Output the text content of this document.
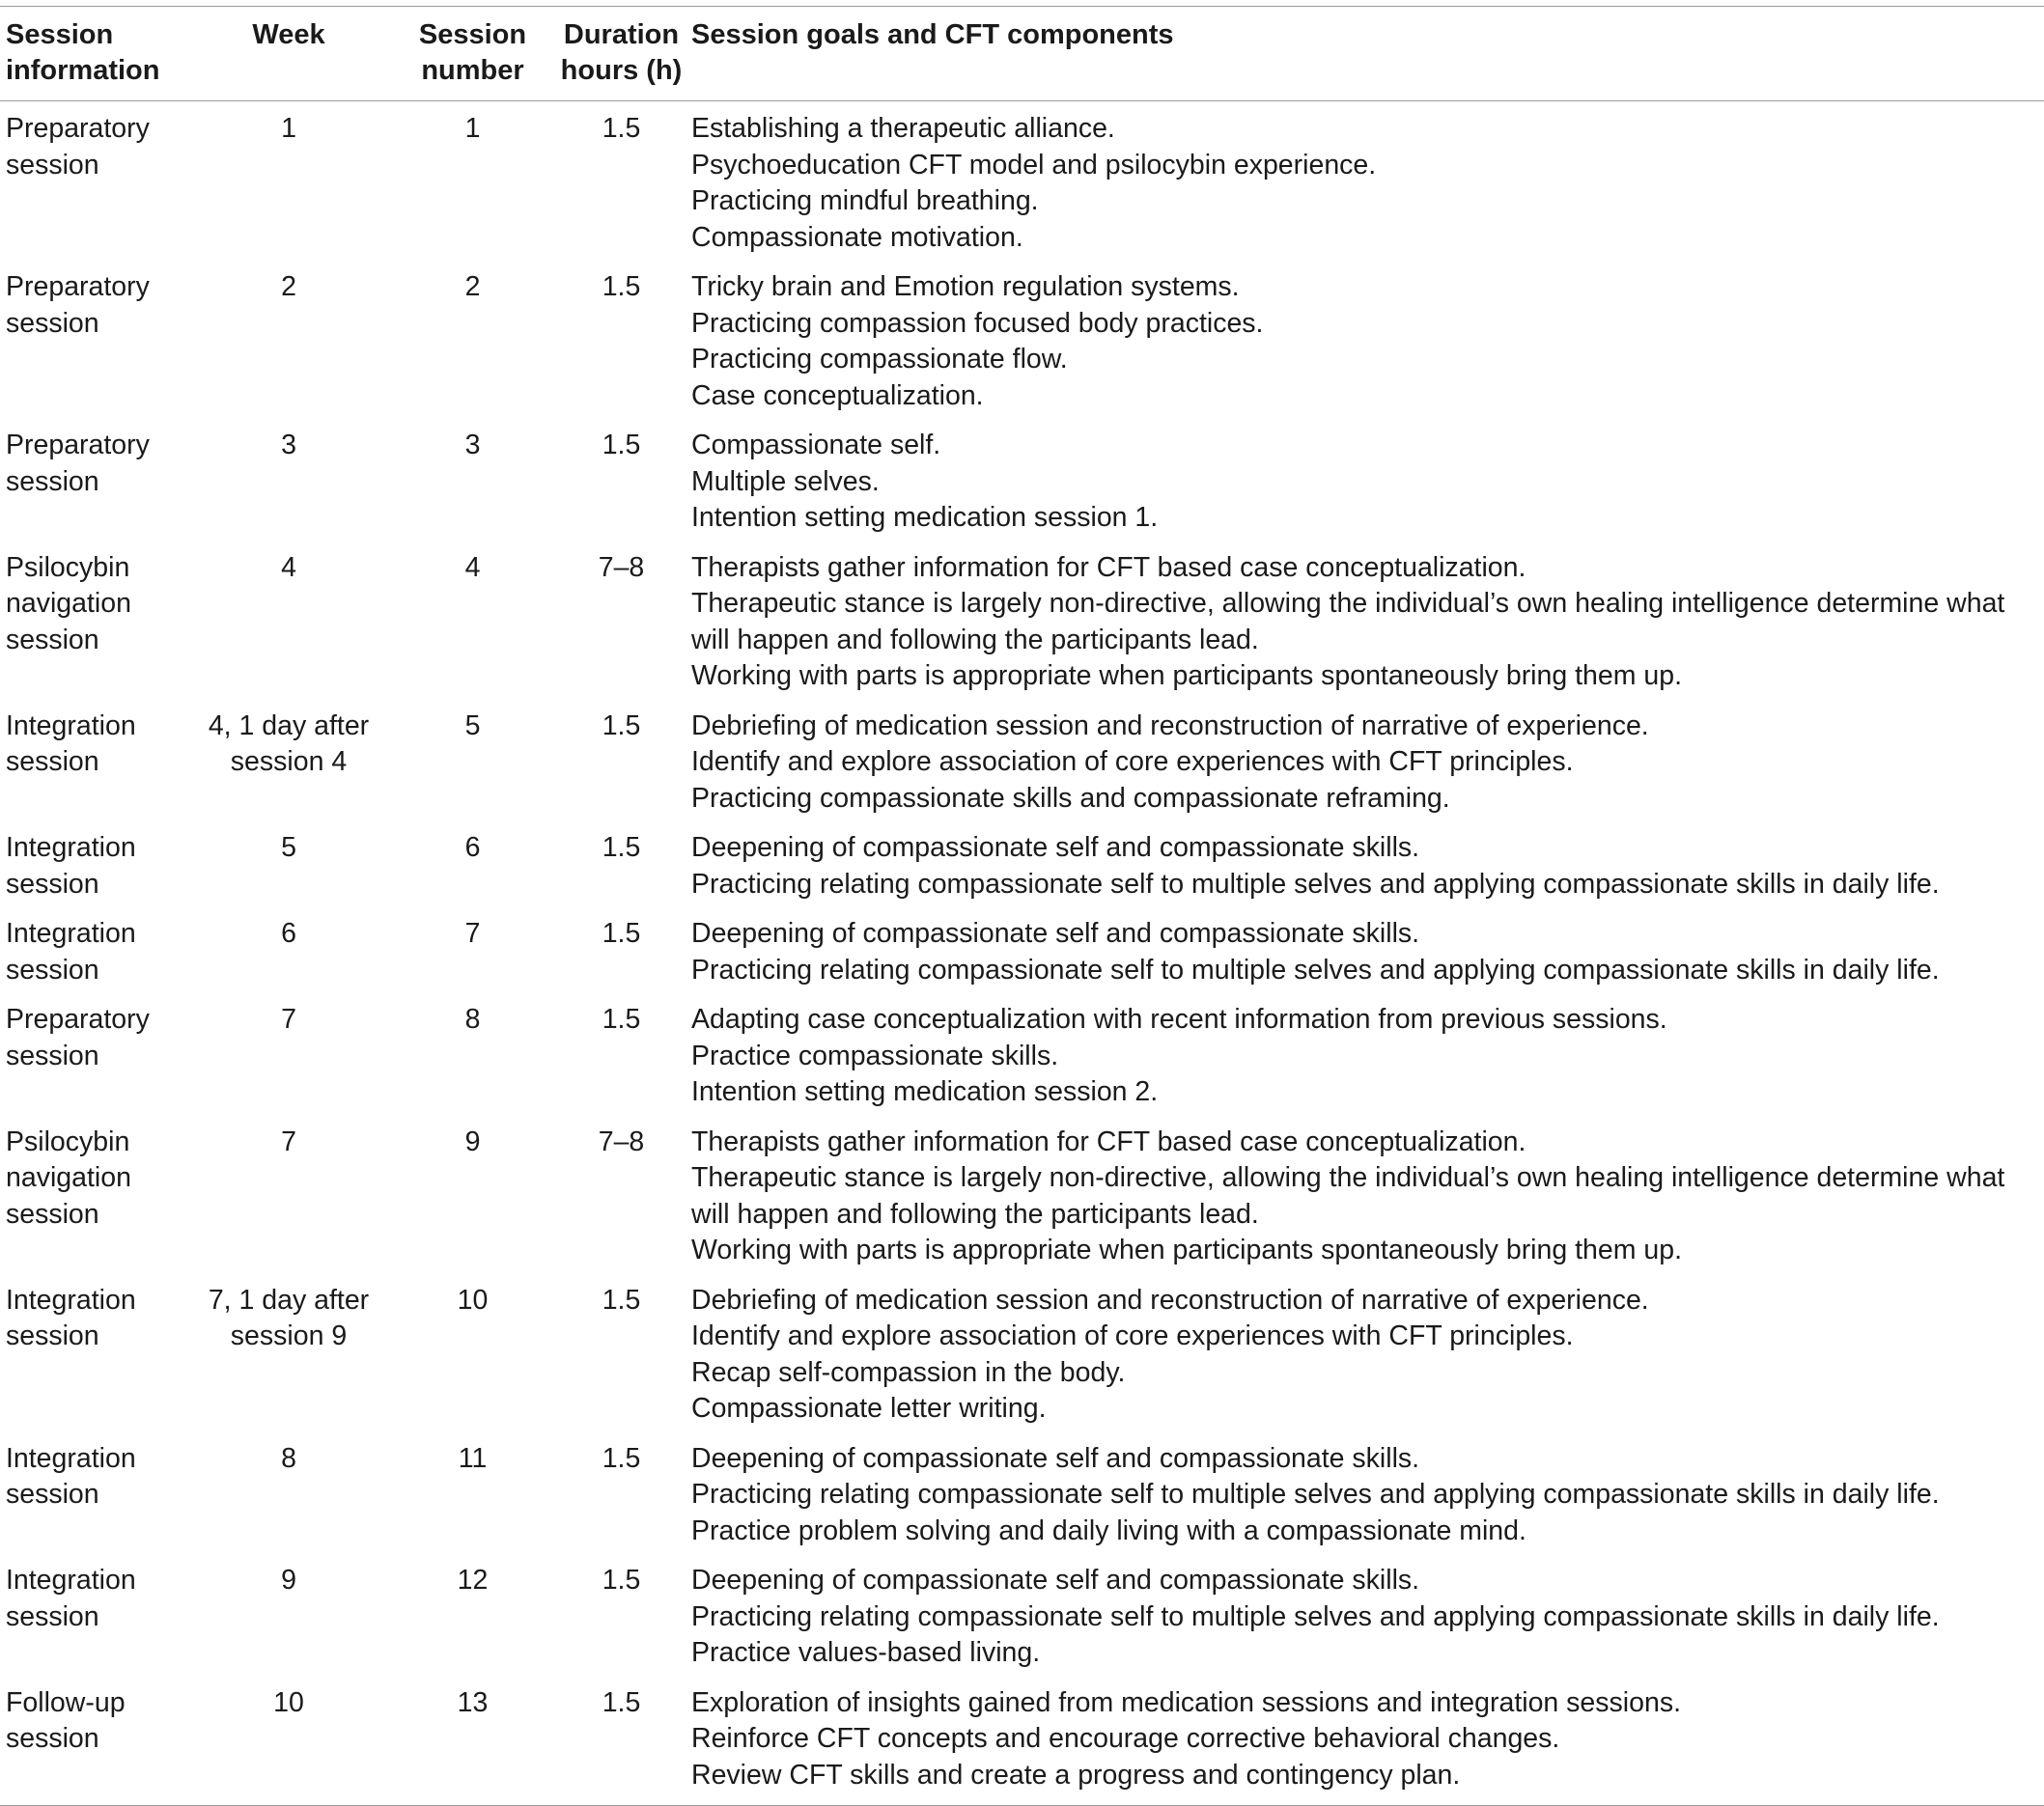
Session information	Week	Session number	Duration hours (h)	Session goals and CFT components
Preparatory session	1	1	1.5	Establishing a therapeutic alliance.
Psychoeducation CFT model and psilocybin experience.
Practicing mindful breathing.
Compassionate motivation.

Preparatory session	2	2	1.5	Tricky brain and Emotion regulation systems.
Practicing compassion focused body practices.
Practicing compassionate flow.
Case conceptualization.

Preparatory session	3	3	1.5	Compassionate self.
Multiple selves.
Intention setting medication session 1.

Psilocybin navigation session	4	4	7–8	Therapists gather information for CFT based case conceptualization.
Therapeutic stance is largely non-directive, allowing the individual’s own healing intelligence determine what will happen and following the participants lead.
Working with parts is appropriate when participants spontaneously bring them up.

Integration session	4, 1 day after session 4	5	1.5	Debriefing of medication session and reconstruction of narrative of experience.
Identify and explore association of core experiences with CFT principles.
Practicing compassionate skills and compassionate reframing.

Integration session	5	6	1.5	Deepening of compassionate self and compassionate skills.
Practicing relating compassionate self to multiple selves and applying compassionate skills in daily life.

Integration session	6	7	1.5	Deepening of compassionate self and compassionate skills.
Practicing relating compassionate self to multiple selves and applying compassionate skills in daily life.

Preparatory session	7	8	1.5	Adapting case conceptualization with recent information from previous sessions.
Practice compassionate skills.
Intention setting medication session 2.

Psilocybin navigation session	7	9	7–8	Therapists gather information for CFT based case conceptualization.
Therapeutic stance is largely non-directive, allowing the individual’s own healing intelligence determine what will happen and following the participants lead.
Working with parts is appropriate when participants spontaneously bring them up.

Integration session	7, 1 day after session 9	10	1.5	Debriefing of medication session and reconstruction of narrative of experience.
Identify and explore association of core experiences with CFT principles.
Recap self-compassion in the body.
Compassionate letter writing.

Integration session	8	11	1.5	Deepening of compassionate self and compassionate skills.
Practicing relating compassionate self to multiple selves and applying compassionate skills in daily life.
Practice problem solving and daily living with a compassionate mind.

Integration session	9	12	1.5	Deepening of compassionate self and compassionate skills.
Practicing relating compassionate self to multiple selves and applying compassionate skills in daily life.
Practice values-based living.

Follow-up session	10	13	1.5	Exploration of insights gained from medication sessions and integration sessions.
Reinforce CFT concepts and encourage corrective behavioral changes.
Review CFT skills and create a progress and contingency plan.
